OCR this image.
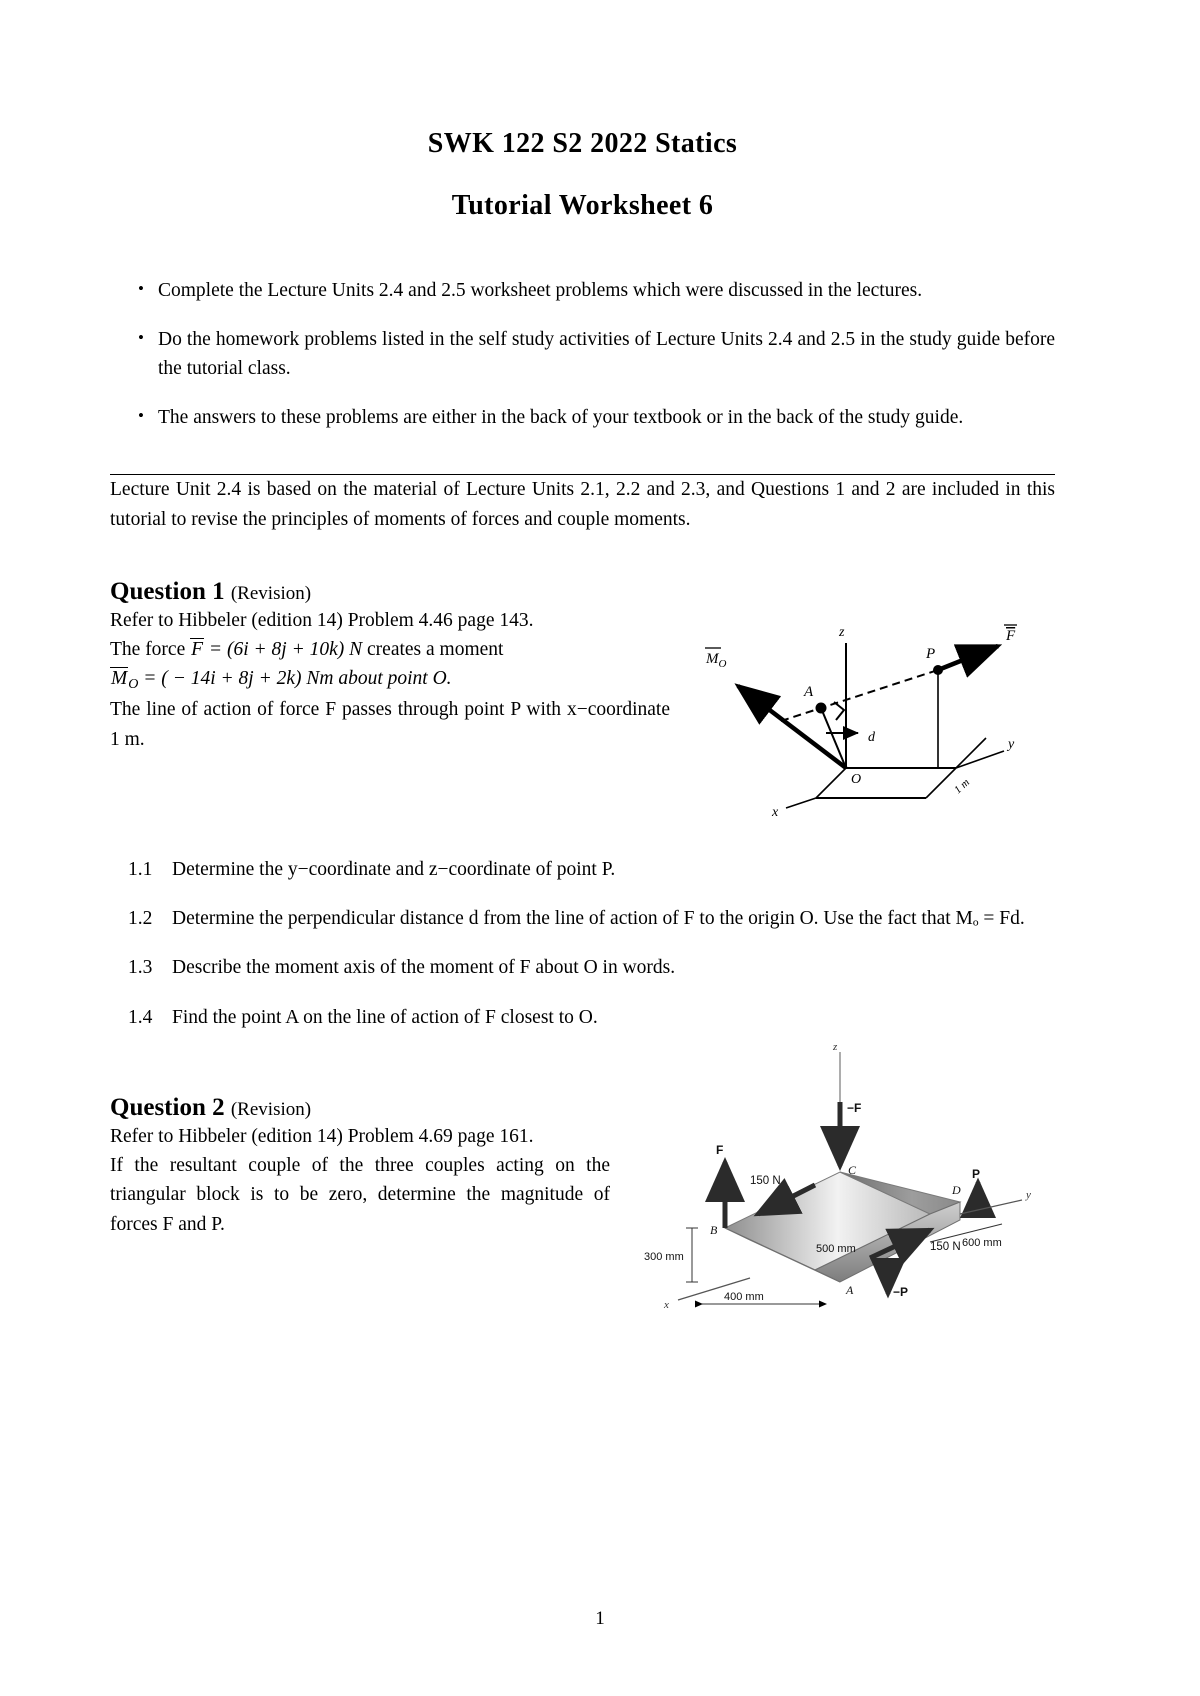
SWK 122 S2 2022 Statics
Tutorial Worksheet 6
• Complete the Lecture Units 2.4 and 2.5 worksheet problems which were discussed in the lectures.
• Do the homework problems listed in the self study activities of Lecture Units 2.4 and 2.5 in the study guide before the tutorial class.
• The answers to these problems are either in the back of your textbook or in the back of the study guide.

Lecture Unit 2.4 is based on the material of Lecture Units 2.1, 2.2 and 2.3, and Questions 1 and 2 are included in this tutorial to revise the principles of moments of forces and couple moments.

Question 1 (Revision)

Refer to Hibbeler (edition 14) Problem 4.46 page 143.

The force F = (6i + 8j + 10k) N creates a moment
$M_O$ = ( − 14i + 8j + 2k) Nm about point O.

The line of action of force F passes through point P with x−coordinate 1 m.

z
y
x
O	1 m
F
P
A
d
$M_O$
1.1 Determine the y−coordinate and z−coordinate of point P.
1.2 Determine the perpendicular distance d from the line of action of F to the origin O. Use the fact that Mₒ = Fd.
1.3 Describe the moment axis of the moment of F about O in words.
1.4 Find the point A on the line of action of F closest to O.
Question 2 (Revision)

Refer to Hibbeler (edition 14) Problem 4.69 page 161.

If the resultant couple of the three couples acting on the triangular block is to be zero, determine the magnitude of forces F and P.

z
−F
C
F
B
150 N
150 N
A
D
P
−P
y
x
300 mm
500 mm
400 mm
600 mm
1
